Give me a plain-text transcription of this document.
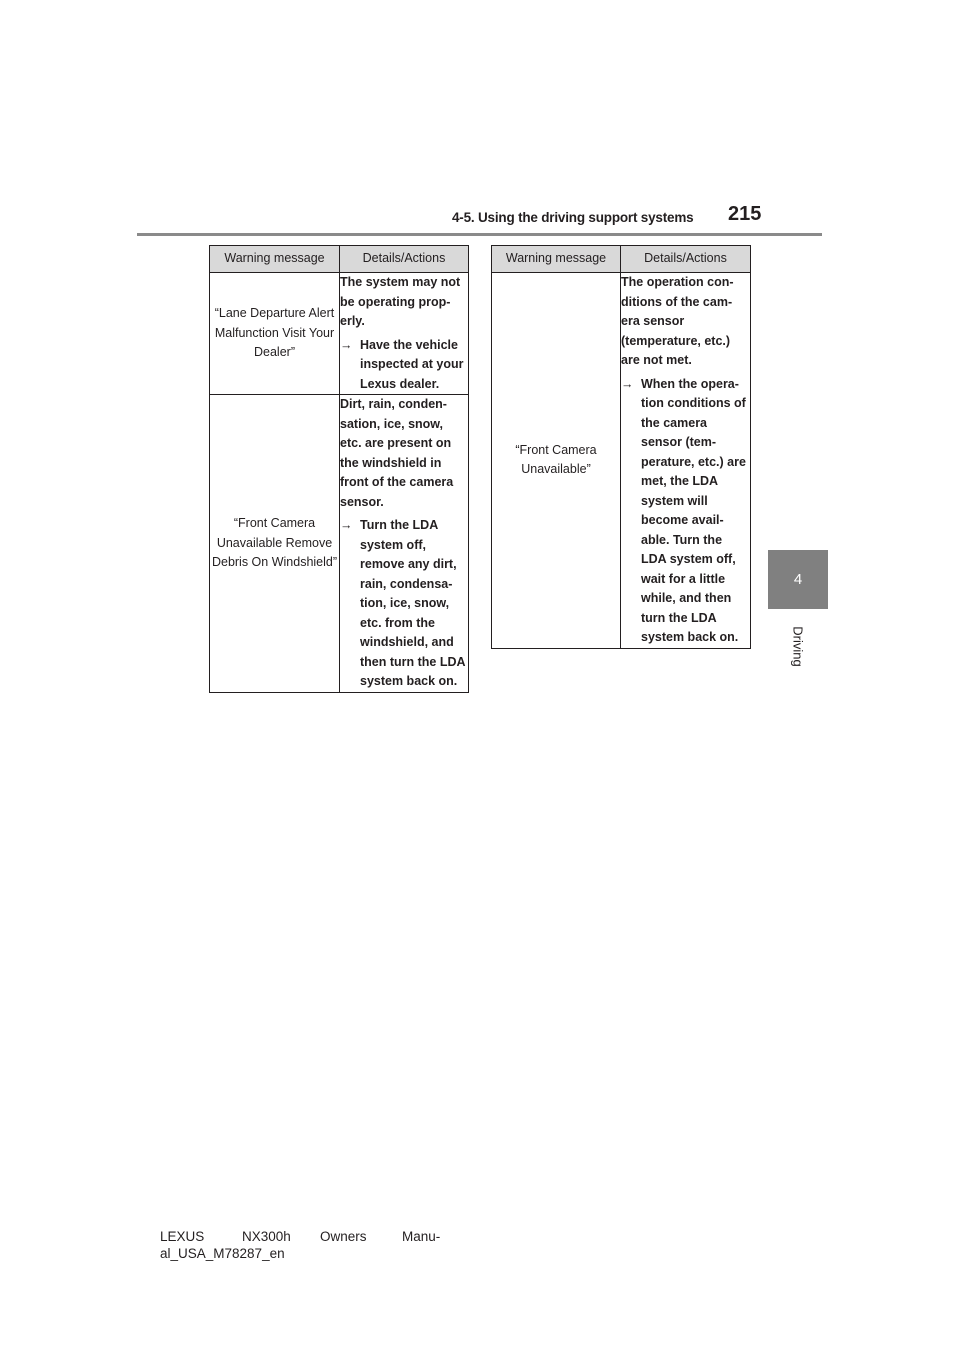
4-5. Using the driving support systems 215
4
Driving
Warning message	Details/Actions
“Lane Departure Alert Malfunction Visit Your Dealer”	The system may not be operating prop-erly.

→ Have the vehicle inspected at your Lexus dealer.

“Front Camera Unavailable Remove Debris On Windshield”	Dirt, rain, conden-sation, ice, snow, etc. are present on the windshield in front of the camera sensor.

→ Turn the LDA system off, remove any dirt, rain, condensa-tion, ice, snow, etc. from the windshield, and then turn the LDA system back on.

Warning message	Details/Actions
“Front Camera Unavailable”	The operation con-ditions of the cam-era sensor (temperature, etc.) are not met.

→ When the opera-tion conditions of the camera sensor (tem-perature, etc.) are met, the LDA system will become avail-able. Turn the LDA system off, wait for a little while, and then turn the LDA system back on.

LEXUS	NX300h Owners	Manu-
al_USA_M78287_en
